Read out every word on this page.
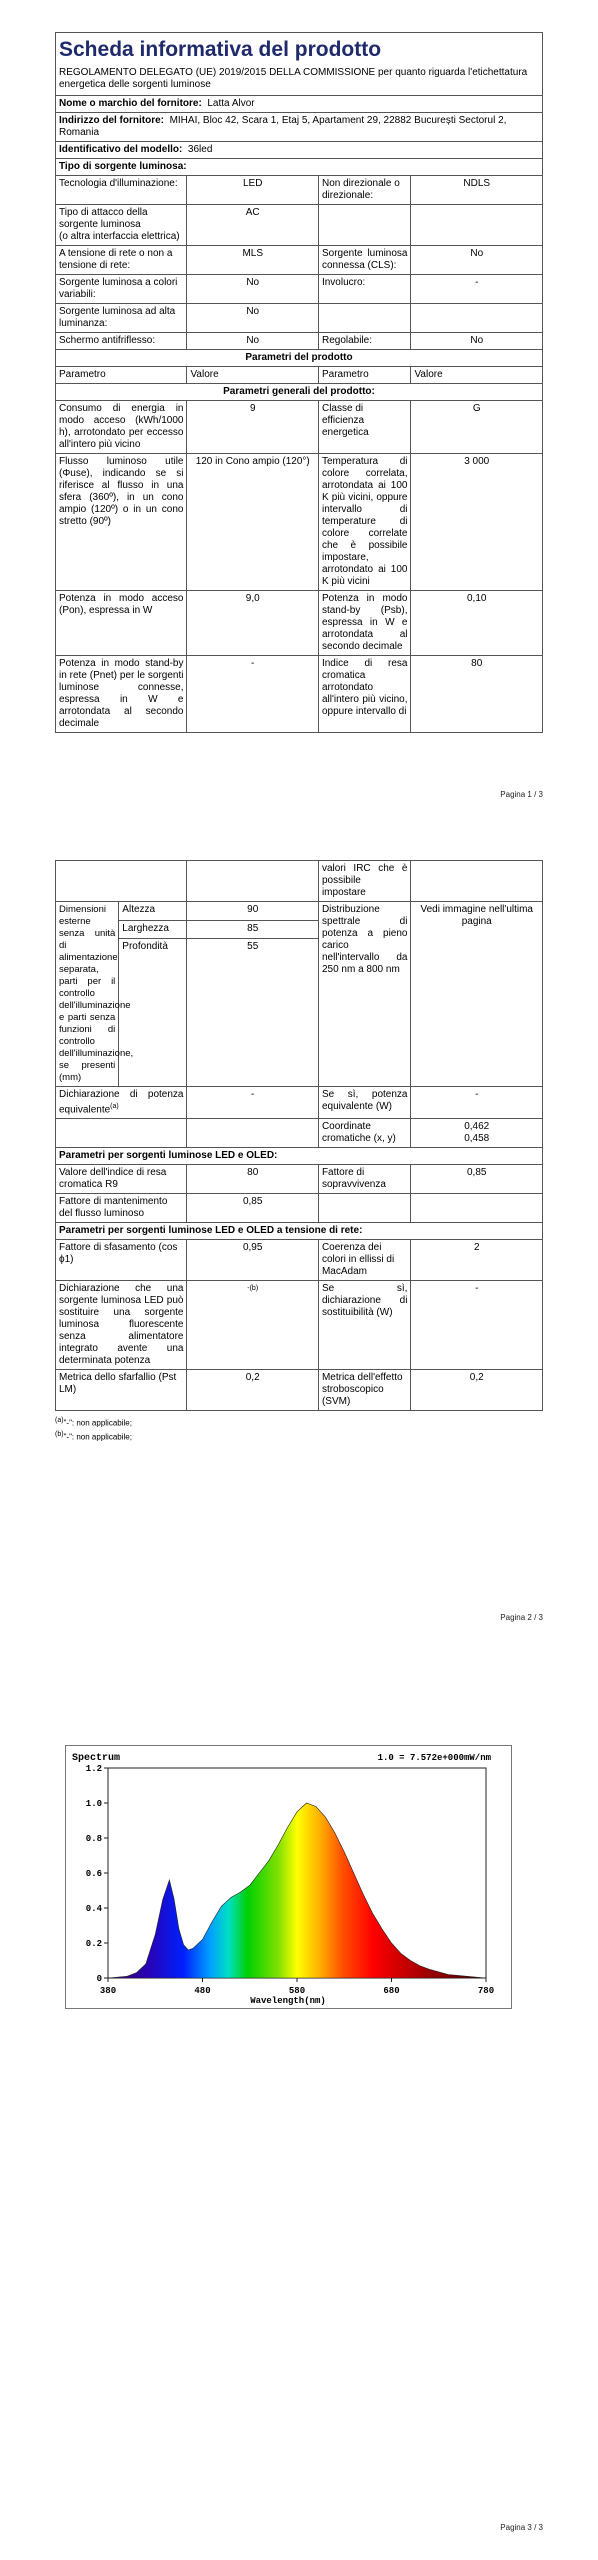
Scheda informativa del prodotto
REGOLAMENTO DELEGATO (UE) 2019/2015 DELLA COMMISSIONE per quanto riguarda l'etichettatura energetica delle sorgenti luminose			

Nome o marchio del fornitore: Latta Alvor			
Indirizzo del fornitore: MIHAI, Bloc 42, Scara 1, Etaj 5, Apartament 29, 22882 București Sectorul 2, Romania			
Identificativo del modello: 36led			
Tipo di sorgente luminosa:			
Tecnologia d'illuminazione:	LED	Non direzionale o direzionale:	NDLS

Tipo di attacco della sorgente luminosa
(o altra interfaccia elettrica)	AC		
A tensione di rete o non a tensione di rete:	MLS	Sorgente luminosa connessa (CLS):	No
Sorgente luminosa a colori variabili:	No	Involucro:	-
Sorgente luminosa ad alta luminanza:	No		
Schermo antifriflesso:	No	Regolabile:	No
Parametri del prodotto			
Parametro	Valore	Parametro	Valore
Parametri generali del prodotto:			
Consumo di energia in modo acceso (kWh/1000 h), arrotondato per eccesso all'intero più vicino	9	Classe di efficienza energetica	G
Flusso luminoso utile (Φuse), indicando se si riferisce al flusso in una sfera (360º), in un cono ampio (120º) o in un cono stretto (90º)	120 in Cono ampio (120°)	Temperatura di colore correlata, arrotondata ai 100 K più vicini, oppure intervallo di temperature di colore correlate che è possibile impostare, arrotondato ai 100 K più vicini	3 000
Potenza in modo acceso (Pon), espressa in W	9,0	Potenza in modo stand-by (Psb), espressa in W e arrotondata al secondo decimale	0,10
Potenza in modo stand-by in rete (Pnet) per le sorgenti luminose connesse, espressa in W e arrotondata al secondo decimale	-	Indice di resa cromatica arrotondato all'intero più vicino, oppure intervallo di	80
Pagina 1 / 3
			valori IRC che è possibile impostare	
Dimensioni esterne senza unità di alimentazione separata, parti per il controllo dell'illuminazione e parti senza funzioni di controllo dell'illuminazione, se presenti (mm)	Altezza	90	Distribuzione spettrale di potenza a pieno carico nell'intervallo da 250 nm a 800 nm	Vedi immagine nell'ultima pagina
	Larghezza	85		
	Profondità	55		
Dichiarazione di potenza equivalente$^{(a)}$		-	Se sì, potenza equivalente (W)	-
			Coordinate cromatiche (x, y)	0,462
0,458

Parametri per sorgenti luminose LED e OLED:				
Valore dell'indice di resa cromatica R9		80	Fattore di sopravvivenza	0,85
Fattore di mantenimento del flusso luminoso		0,85		
Parametri per sorgenti luminose LED e OLED a tensione di rete:				
Fattore di sfasamento (cos ϕ1)		0,95	Coerenza dei colori in ellissi di MacAdam	2
Dichiarazione che una sorgente luminosa LED può sostituire una sorgente luminosa fluorescente senza alimentatore integrato avente una determinata potenza		$^{-(b)}$	Se sì, dichiarazione di sostituibilità (W)	-
Metrica dello sfarfallio (Pst LM)		0,2	Metrica dell'effetto stroboscopico (SVM)	0,2
$^{(a)}$"-": non applicabile;
$^{(b)}$"-": non applicabile;
Pagina 2 / 3
0
0.2
0.4
0.6
0.8
1.0
1.2
380	480	580	680	780
Spectrum	1.0 = 7.572e+000mW/nm
Wavelength(nm)
Pagina 3 / 3
